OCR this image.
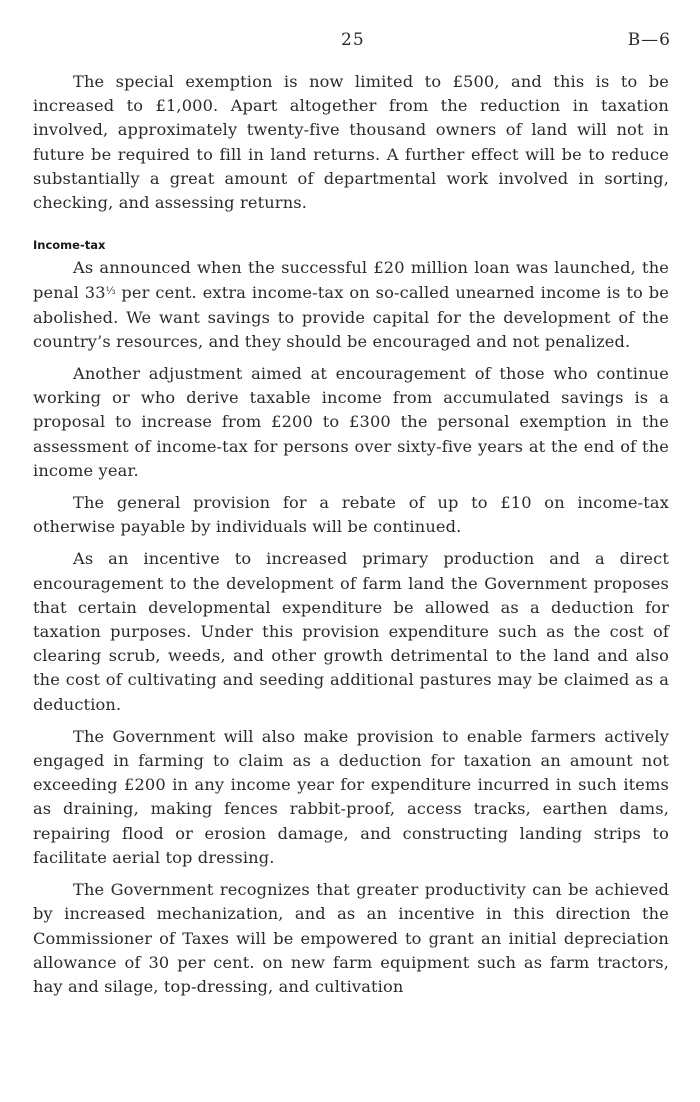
25	B—6

The special exemption is now limited to £500, and this is to be increased to £1,000. Apart altogether from the reduction in taxation involved, approximately twenty-five thousand owners of land will not in future be required to fill in land returns. A further effect will be to reduce substantially a great amount of departmental work involved in sorting, checking, and assessing returns.

Income-tax

As announced when the successful £20 million loan was launched, the penal $33^{\frac{1}{3}}$ per cent. extra income-tax on so-called unearned income is to be abolished. We want savings to provide capital for the development of the country’s resources, and they should be encouraged and not penalized.

Another adjustment aimed at encouragement of those who continue working or who derive taxable income from accumulated savings is a proposal to increase from £200 to £300 the personal exemption in the assessment of income-tax for persons over sixty-five years at the end of the income year.

The general provision for a rebate of up to £10 on income-tax otherwise payable by individuals will be continued.

As an incentive to increased primary production and a direct encouragement to the development of farm land the Government proposes that certain developmental expenditure be allowed as a deduction for taxation purposes. Under this provision expenditure such as the cost of clearing scrub, weeds, and other growth detrimental to the land and also the cost of cultivating and seeding additional pastures may be claimed as a deduction.

The Government will also make provision to enable farmers actively engaged in farming to claim as a deduction for taxation an amount not exceeding £200 in any income year for expenditure incurred in such items as draining, making fences rabbit-proof, access tracks, earthen dams, repairing flood or erosion damage, and constructing landing strips to facilitate aerial top dressing.

The Government recognizes that greater productivity can be achieved by increased mechanization, and as an incentive in this direction the Commissioner of Taxes will be empowered to grant an initial depreciation allowance of 30 per cent. on new farm equipment such as farm tractors, hay and silage, top-dressing, and cultivation
